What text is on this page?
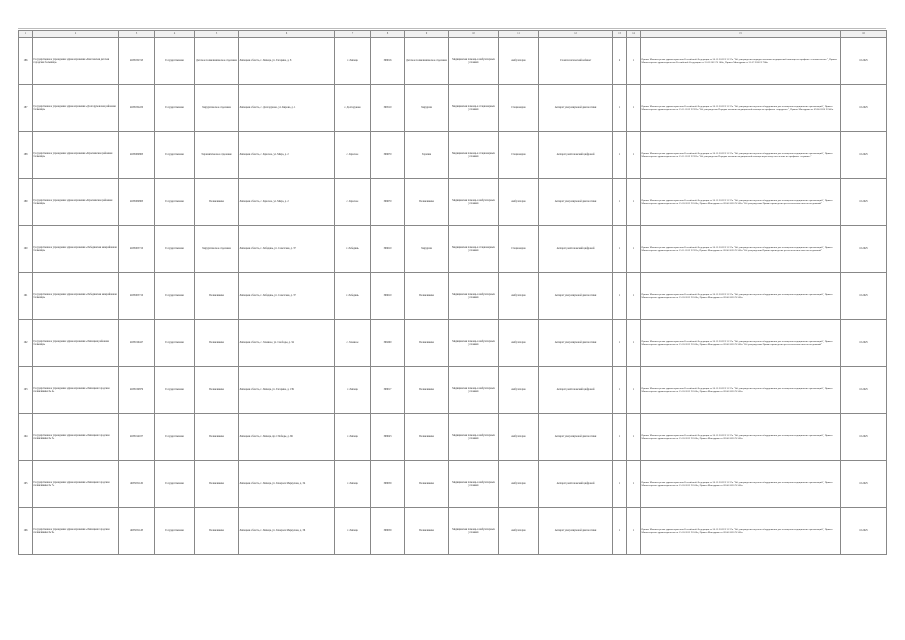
1	2	3	4	5	6	7	8	9	10	11	12	13	14	15	16
186	Государственное учреждение здравоохранения «Кисловская детская городская больница»	4633032743	Государственная	Детское поликлиническое отделение	Липецкая область, г. Липецк, ул. Гагарина, д. 8	г. Липецк	398016	Детское поликлиническое отделение	Медицинская помощь в амбулаторных условиях	Амбулаторно	Стоматологический кабинет	2	1	Приказ Министерства здравоохранения Российской Федерации от 30.12.2019 N 1137н "Об утверждении порядка оказания медицинской помощи по профилю «стоматология»", Приказ Министерства здравоохранения Российской Федерации от 15.03.2012 N 168н, Приказ Минздрава от 31.07.2020 N 786н	10.2025
187	Государственное учреждение здравоохранения «Долгоруковская районная больница»	4633032220	Государственная	Хирургическое отделение	Липецкая область, с. Долгоруково, ул. Кирова, д. 1	с. Долгоруково	399510	Хирургия	Медицинская помощь в стационарных условиях	Стационарно	Аппарат ультразвуковой диагностики	1	1	Приказ Министерства здравоохранения Российской Федерации от 30.12.2019 N 1137н "Об утверждении перечня оборудования для оснащения медицинских организаций", Приказ Министерства здравоохранения от 15.11.2012 N 922н "Об утверждении Порядка оказания медицинской помощи по профилю «хирургия»", Приказ Минздрава от 09.06.2020 N 560н	10.2025
188	Государственное учреждение здравоохранения «Краснинская районная больница»	4633009883	Государственная	Терапевтическое отделение	Липецкая область, с. Красное, ул. Мира, д. 2	с. Красное	399670	Терапия	Медицинская помощь в стационарных условиях	Стационарно	Аппарат рентгеновский цифровой	1	1	Приказ Министерства здравоохранения Российской Федерации от 30.12.2019 N 1137н "Об утверждении перечня оборудования для оснащения медицинских организаций", Приказ Министерства здравоохранения от 15.11.2012 N 923н "Об утверждении Порядка оказания медицинской помощи взрослому населению по профилю «терапия»"	10.2025
189	Государственное учреждение здравоохранения «Краснинская районная больница»	4633009883	Государственная	Поликлиника	Липецкая область, с. Красное, ул. Мира, д. 2	с. Красное	399670	Поликлиника	Медицинская помощь в амбулаторных условиях	Амбулаторно	Аппарат ультразвуковой диагностики	1	1	Приказ Министерства здравоохранения Российской Федерации от 30.12.2019 N 1137н "Об утверждении перечня оборудования для оснащения медицинских организаций", Приказ Министерства здравоохранения от 15.03.2012 N 168н, Приказ Минздрава от 09.06.2020 N 560н "Об утверждении Правил проведения рентгенологических исследований"	10.2025
190	Государственное учреждение здравоохранения «Лебедянская межрайонная больница»	4633005710	Государственная	Хирургическое отделение	Липецкая область, г. Лебедянь, ул. Советская, д. 37	г. Лебедянь	399610	Хирургия	Медицинская помощь в стационарных условиях	Стационарно	Аппарат рентгеновский цифровой	1	1	Приказ Министерства здравоохранения Российской Федерации от 30.12.2019 N 1137н "Об утверждении перечня оборудования для оснащения медицинских организаций", Приказ Министерства здравоохранения от 15.11.2012 N 922н, Приказ Минздрава от 09.06.2020 N 560н "Об утверждении Правил проведения рентгенологических исследований"	10.2025
191	Государственное учреждение здравоохранения «Лебедянская межрайонная больница»	4633005710	Государственная	Поликлиника	Липецкая область, г. Лебедянь, ул. Советская, д. 37	г. Лебедянь	399610	Поликлиника	Медицинская помощь в амбулаторных условиях	Амбулаторно	Аппарат ультразвуковой диагностики	1	1	Приказ Министерства здравоохранения Российской Федерации от 30.12.2019 N 1137н "Об утверждении перечня оборудования для оснащения медицинских организаций", Приказ Министерства здравоохранения от 15.03.2012 N 168н, Приказ Минздрава от 09.06.2020 N 560н	10.2025
192	Государственное учреждение здравоохранения «Липецкая районная больница»	4633016447	Государственная	Поликлиника	Липецкая область, с. Хлевное, ул. Свободы, д. 34	с. Хлевное	399260	Поликлиника	Медицинская помощь в амбулаторных условиях	Амбулаторно	Аппарат ультразвуковой диагностики	1	1	Приказ Министерства здравоохранения Российской Федерации от 30.12.2019 N 1137н "Об утверждении перечня оборудования для оснащения медицинских организаций", Приказ Министерства здравоохранения от 15.03.2012 N 168н, Приказ Минздрава от 09.06.2020 N 560н "Об утверждении Правил проведения рентгенологических исследований"	10.2025
193	Государственное учреждение здравоохранения «Липецкая городская поликлиника № 4»	4633019879	Государственная	Поликлиника	Липецкая область, г. Липецк, ул. Гагарина, д. 139	г. Липецк	398017	Поликлиника	Медицинская помощь в амбулаторных условиях	Амбулаторно	Аппарат рентгеновский цифровой	1	1	Приказ Министерства здравоохранения Российской Федерации от 30.12.2019 N 1137н "Об утверждении перечня оборудования для оснащения медицинских организаций", Приказ Министерства здравоохранения от 15.03.2012 N 168н, Приказ Минздрава от 09.06.2020 N 560н	10.2025
194	Государственное учреждение здравоохранения «Липецкая городская поликлиника № 5»	4633014187	Государственная	Поликлиника	Липецкая область, г. Липецк, пр-т Победы, д. 69	г. Липецк	398043	Поликлиника	Медицинская помощь в амбулаторных условиях	Амбулаторно	Аппарат ультразвуковой диагностики	1	1	Приказ Министерства здравоохранения Российской Федерации от 30.12.2019 N 1137н "Об утверждении перечня оборудования для оснащения медицинских организаций", Приказ Министерства здравоохранения от 15.03.2012 N 168н, Приказ Минздрава от 09.06.2020 N 560н	10.2025
195	Государственное учреждение здравоохранения «Липецкая городская поликлиника № 7»	4633031126	Государственная	Поликлиника	Липецкая область, г. Липецк, ул. Генерала Меркулова, д. 34	г. Липецк	398059	Поликлиника	Медицинская помощь в амбулаторных условиях	Амбулаторно	Аппарат рентгеновский цифровой	1	1	Приказ Министерства здравоохранения Российской Федерации от 30.12.2019 N 1137н "Об утверждении перечня оборудования для оснащения медицинских организаций", Приказ Министерства здравоохранения от 15.03.2012 N 168н, Приказ Минздрава от 09.06.2020 N 560н	10.2025
196	Государственное учреждение здравоохранения «Липецкая городская поликлиника № 9»	4633031128	Государственная	Поликлиника	Липецкая область, г. Липецк, ул. Генерала Меркулова, д. 36	г. Липецк	398059	Поликлиника	Медицинская помощь в амбулаторных условиях	Амбулаторно	Аппарат ультразвуковой диагностики	1	1	Приказ Министерства здравоохранения Российской Федерации от 30.12.2019 N 1137н "Об утверждении перечня оборудования для оснащения медицинских организаций", Приказ Министерства здравоохранения от 15.03.2012 N 168н, Приказ Минздрава от 09.06.2020 N 560н	10.2025
